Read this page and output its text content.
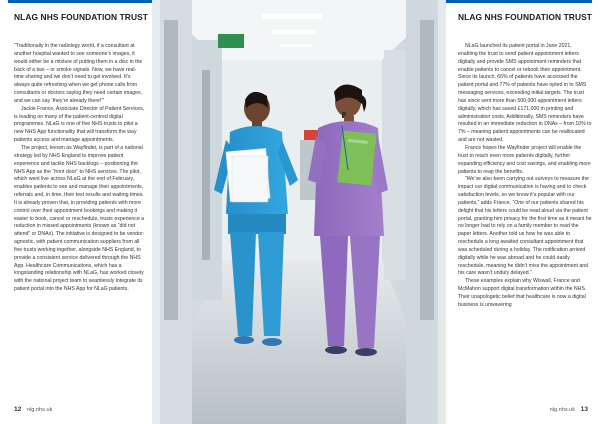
NLAG NHS FOUNDATION TRUST

“Traditionally in the radiology world, if a consultant at another hospital wanted to see someone’s images, it would either be a mixture of putting them in a disc in the back of a taxi – or smoke signals. Now, we have real-time sharing and we don’t need to get involved. It’s always quite refreshing when we get phone calls from consultants or doctors saying they need certain images, and we can say ‘they’re already there!’”

Jackie France, Associate Director of Patient Services, is leading on many of the patient-centred digital programmes. NLaG is one of five NHS trusts to pilot a new NHS App functionality that will transform the way patients access and manage appointments.

The project, known as Wayfinder, is part of a national strategy led by NHS England to improve patient experience and tackle NHS backlogs – positioning the NHS App as the “front door” to NHS services. The pilot, which went live across NLaG at the end of February, enables patients to see and manage their appointments, referrals and, in time, their test results and waiting times. It is already proven that, in providing patients with more control over their appointment bookings and making it easier to book, cancel or reschedule, trusts experience a reduction in missed appointments (known as “did not attend” or DNAs). The initiative is designed to be vendor-agnostic, with patient communication suppliers from all five trusts working together, alongside NHS England, to provide a consistent service delivered through the NHS App. Healthcare Communications, which has a longstanding relationship with NLaG, has worked closely with the national project team to seamlessly integrate its patient portal into the NHS App for NLaG patients.

12 nlg.nhs.uk
NLAG NHS FOUNDATION TRUST

NLaG launched its patient portal in June 2021, enabling the trust to send patient appointment letters digitally and provide SMS appointment reminders that enable patients to cancel or rebook their appointment. Since its launch, 66% of patients have accessed the patient portal and 77% of patients have opted in to SMS messaging services, exceeding initial targets. The trust has since sent more than 500,000 appointment letters digitally, which has saved £171,000 in printing and administration costs. Additionally, SMS reminders have resulted in an immediate reduction in DNAs – from 10% to 7% – meaning patient appointments can be reallocated and are not wasted.

France hopes the Wayfinder project will enable the trust to reach even more patients digitally, further expanding efficiency and cost savings, and enabling more patients to reap the benefits.

“We’ve also been carrying out surveys to measure the impact our digital communication is having and to check satisfaction levels, so we know it’s popular with our patients,” adds France. “One of our patients shared his delight that his letters could be read aloud via the patient portal, granting him privacy for the first time as it meant he no longer had to rely on a family member to read the paper letters. Another told us how he was able to reschedule a long awaited consultant appointment that was scheduled during a holiday. The notification arrived digitally while he was abroad and he could easily reschedule, meaning he didn’t miss the appointment and his care wasn’t unduly delayed.”

These examples explain why Wiswall, France and McMahon support digital transformation within the NHS. Their unapologetic belief that healthcare is now a digital business is unwavering

nlg.nhs.uk 13
